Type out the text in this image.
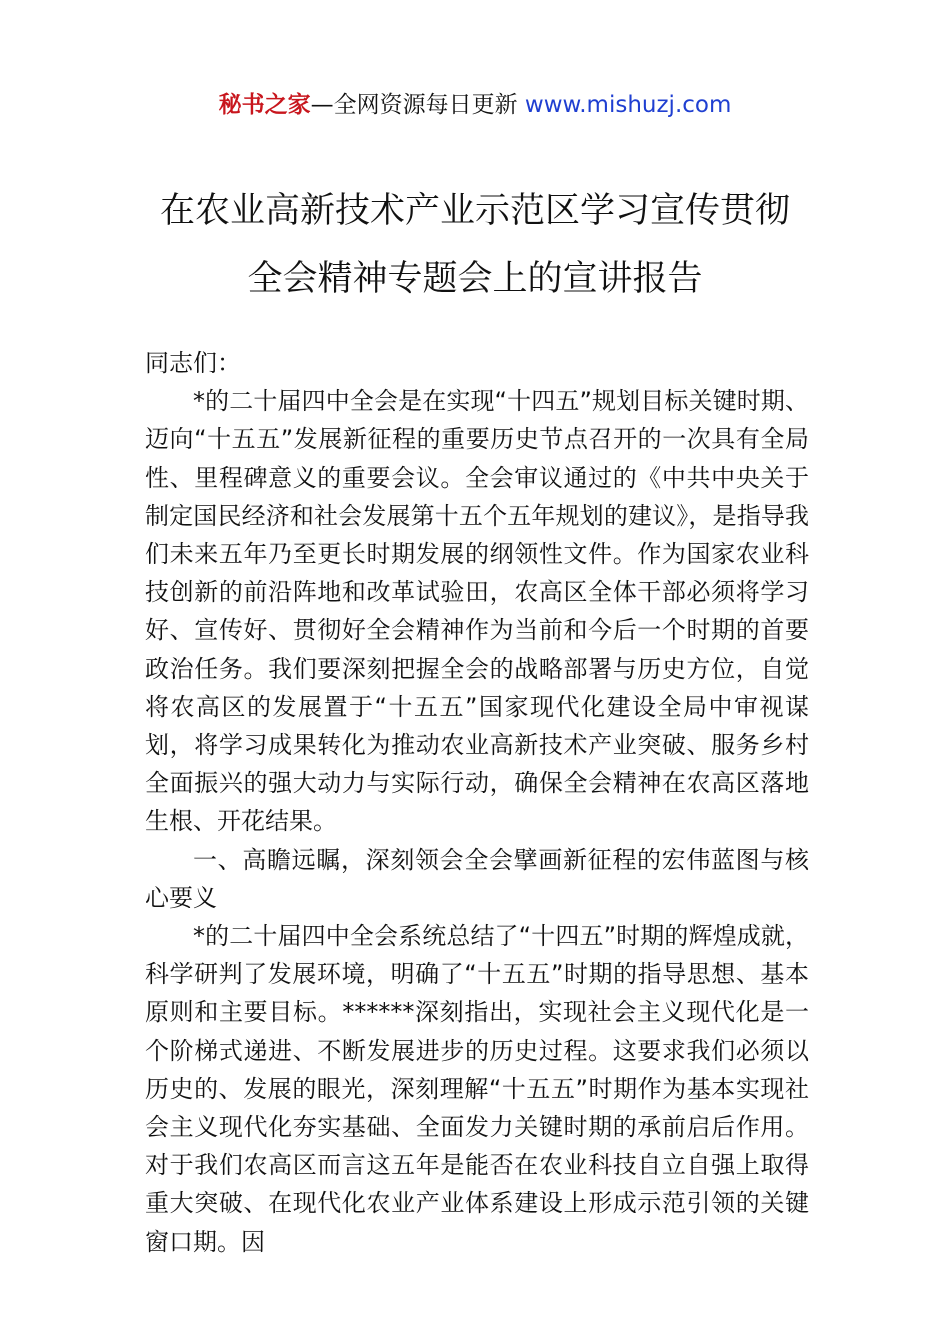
秘书之家—全网资源每日更新 www.mishuzj.com
在农业高新技术产业示范区学习宣传贯彻
全会精神专题会上的宣讲报告

同志们：

*的二十届四中全会是在实现“十四五”规划目标关键时期、迈向“十五五”发展新征程的重要历史节点召开的一次具有全局性、里程碑意义的重要会议。全会审议通过的《中共中央关于制定国民经济和社会发展第十五个五年规划的建议》，是指导我们未来五年乃至更长时期发展的纲领性文件。作为国家农业科技创新的前沿阵地和改革试验田，农高区全体干部必须将学习好、宣传好、贯彻好全会精神作为当前和今后一个时期的首要政治任务。我们要深刻把握全会的战略部署与历史方位，自觉将农高区的发展置于“十五五”国家现代化建设全局中审视谋划，将学习成果转化为推动农业高新技术产业突破、服务乡村全面振兴的强大动力与实际行动，确保全会精神在农高区落地生根、开花结果。

一、高瞻远瞩，深刻领会全会擘画新征程的宏伟蓝图与核心要义

*的二十届四中全会系统总结了“十四五”时期的辉煌成就，科学研判了发展环境，明确了“十五五”时期的指导思想、基本原则和主要目标。******深刻指出，实现社会主义现代化是一个阶梯式递进、不断发展进步的历史过程。这要求我们必须以历史的、发展的眼光，深刻理解“十五五”时期作为基本实现社会主义现代化夯实基础、全面发力关键时期的承前启后作用。对于我们农高区而言这五年是能否在农业科技自立自强上取得重大突破、在现代化农业产业体系建设上形成示范引领的关键窗口期。因
